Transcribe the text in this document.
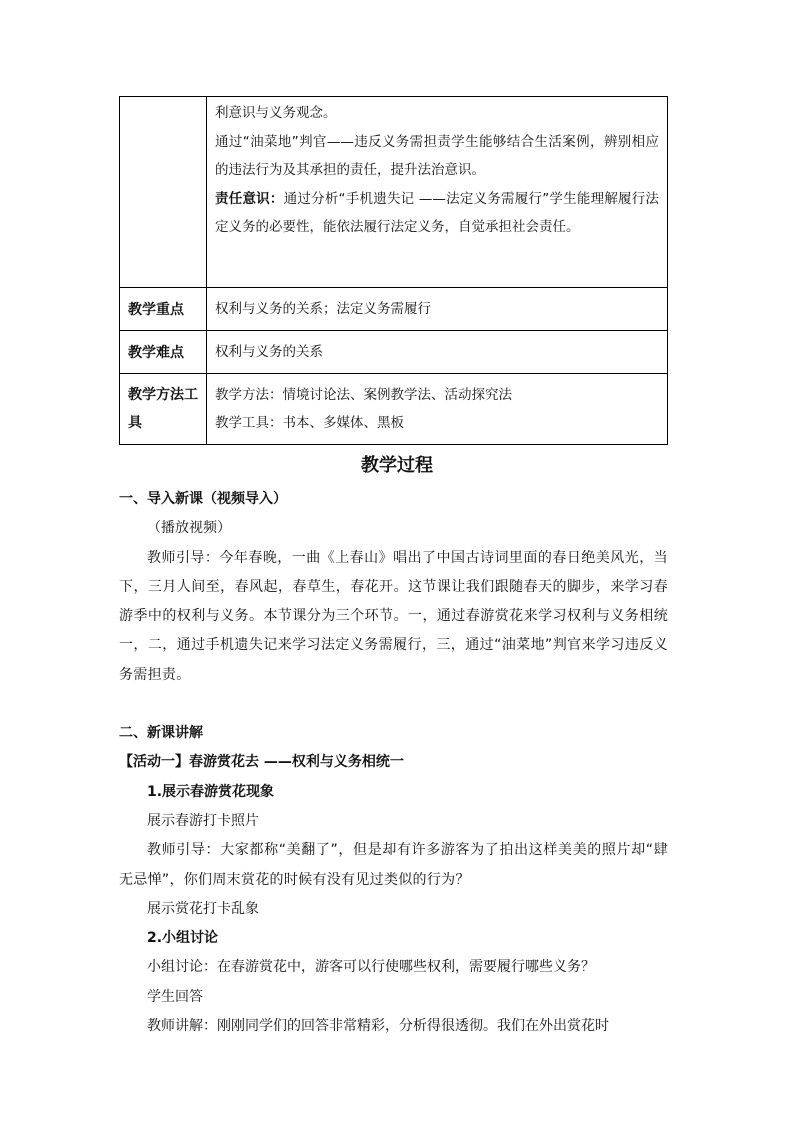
	利意识与义务观念。
通过“油菜地”判官——违反义务需担责学生能够结合生活案例，辨别相应的违法行为及其承担的责任，提升法治意识。
责任意识：通过分析“手机遗失记 ——法定义务需履行”学生能理解履行法定义务的必要性，能依法履行法定义务，自觉承担社会责任。

教学重点	权利与义务的关系；法定义务需履行
教学难点	权利与义务的关系
教学方法工具	教学方法：情境讨论法、案例教学法、活动探究法
教学工具：书本、多媒体、黑板
教学过程

一、导入新课（视频导入）

（播放视频）

教师引导：今年春晚，一曲《上春山》唱出了中国古诗词里面的春日绝美风光，当下，三月人间至，春风起，春草生，春花开。这节课让我们跟随春天的脚步，来学习春游季中的权利与义务。本节课分为三个环节。一，通过春游赏花来学习权利与义务相统一，二，通过手机遗失记来学习法定义务需履行，三，通过“油菜地”判官来学习违反义务需担责。

二、新课讲解

【活动一】春游赏花去 ——权利与义务相统一

1.展示春游赏花现象

展示春游打卡照片

教师引导：大家都称“美翻了”，但是却有许多游客为了拍出这样美美的照片却“肆无忌惮”，你们周末赏花的时候有没有见过类似的行为？

展示赏花打卡乱象

2.小组讨论

小组讨论：在春游赏花中，游客可以行使哪些权利，需要履行哪些义务？

学生回答

教师讲解：刚刚同学们的回答非常精彩，分析得很透彻。我们在外出赏花时
